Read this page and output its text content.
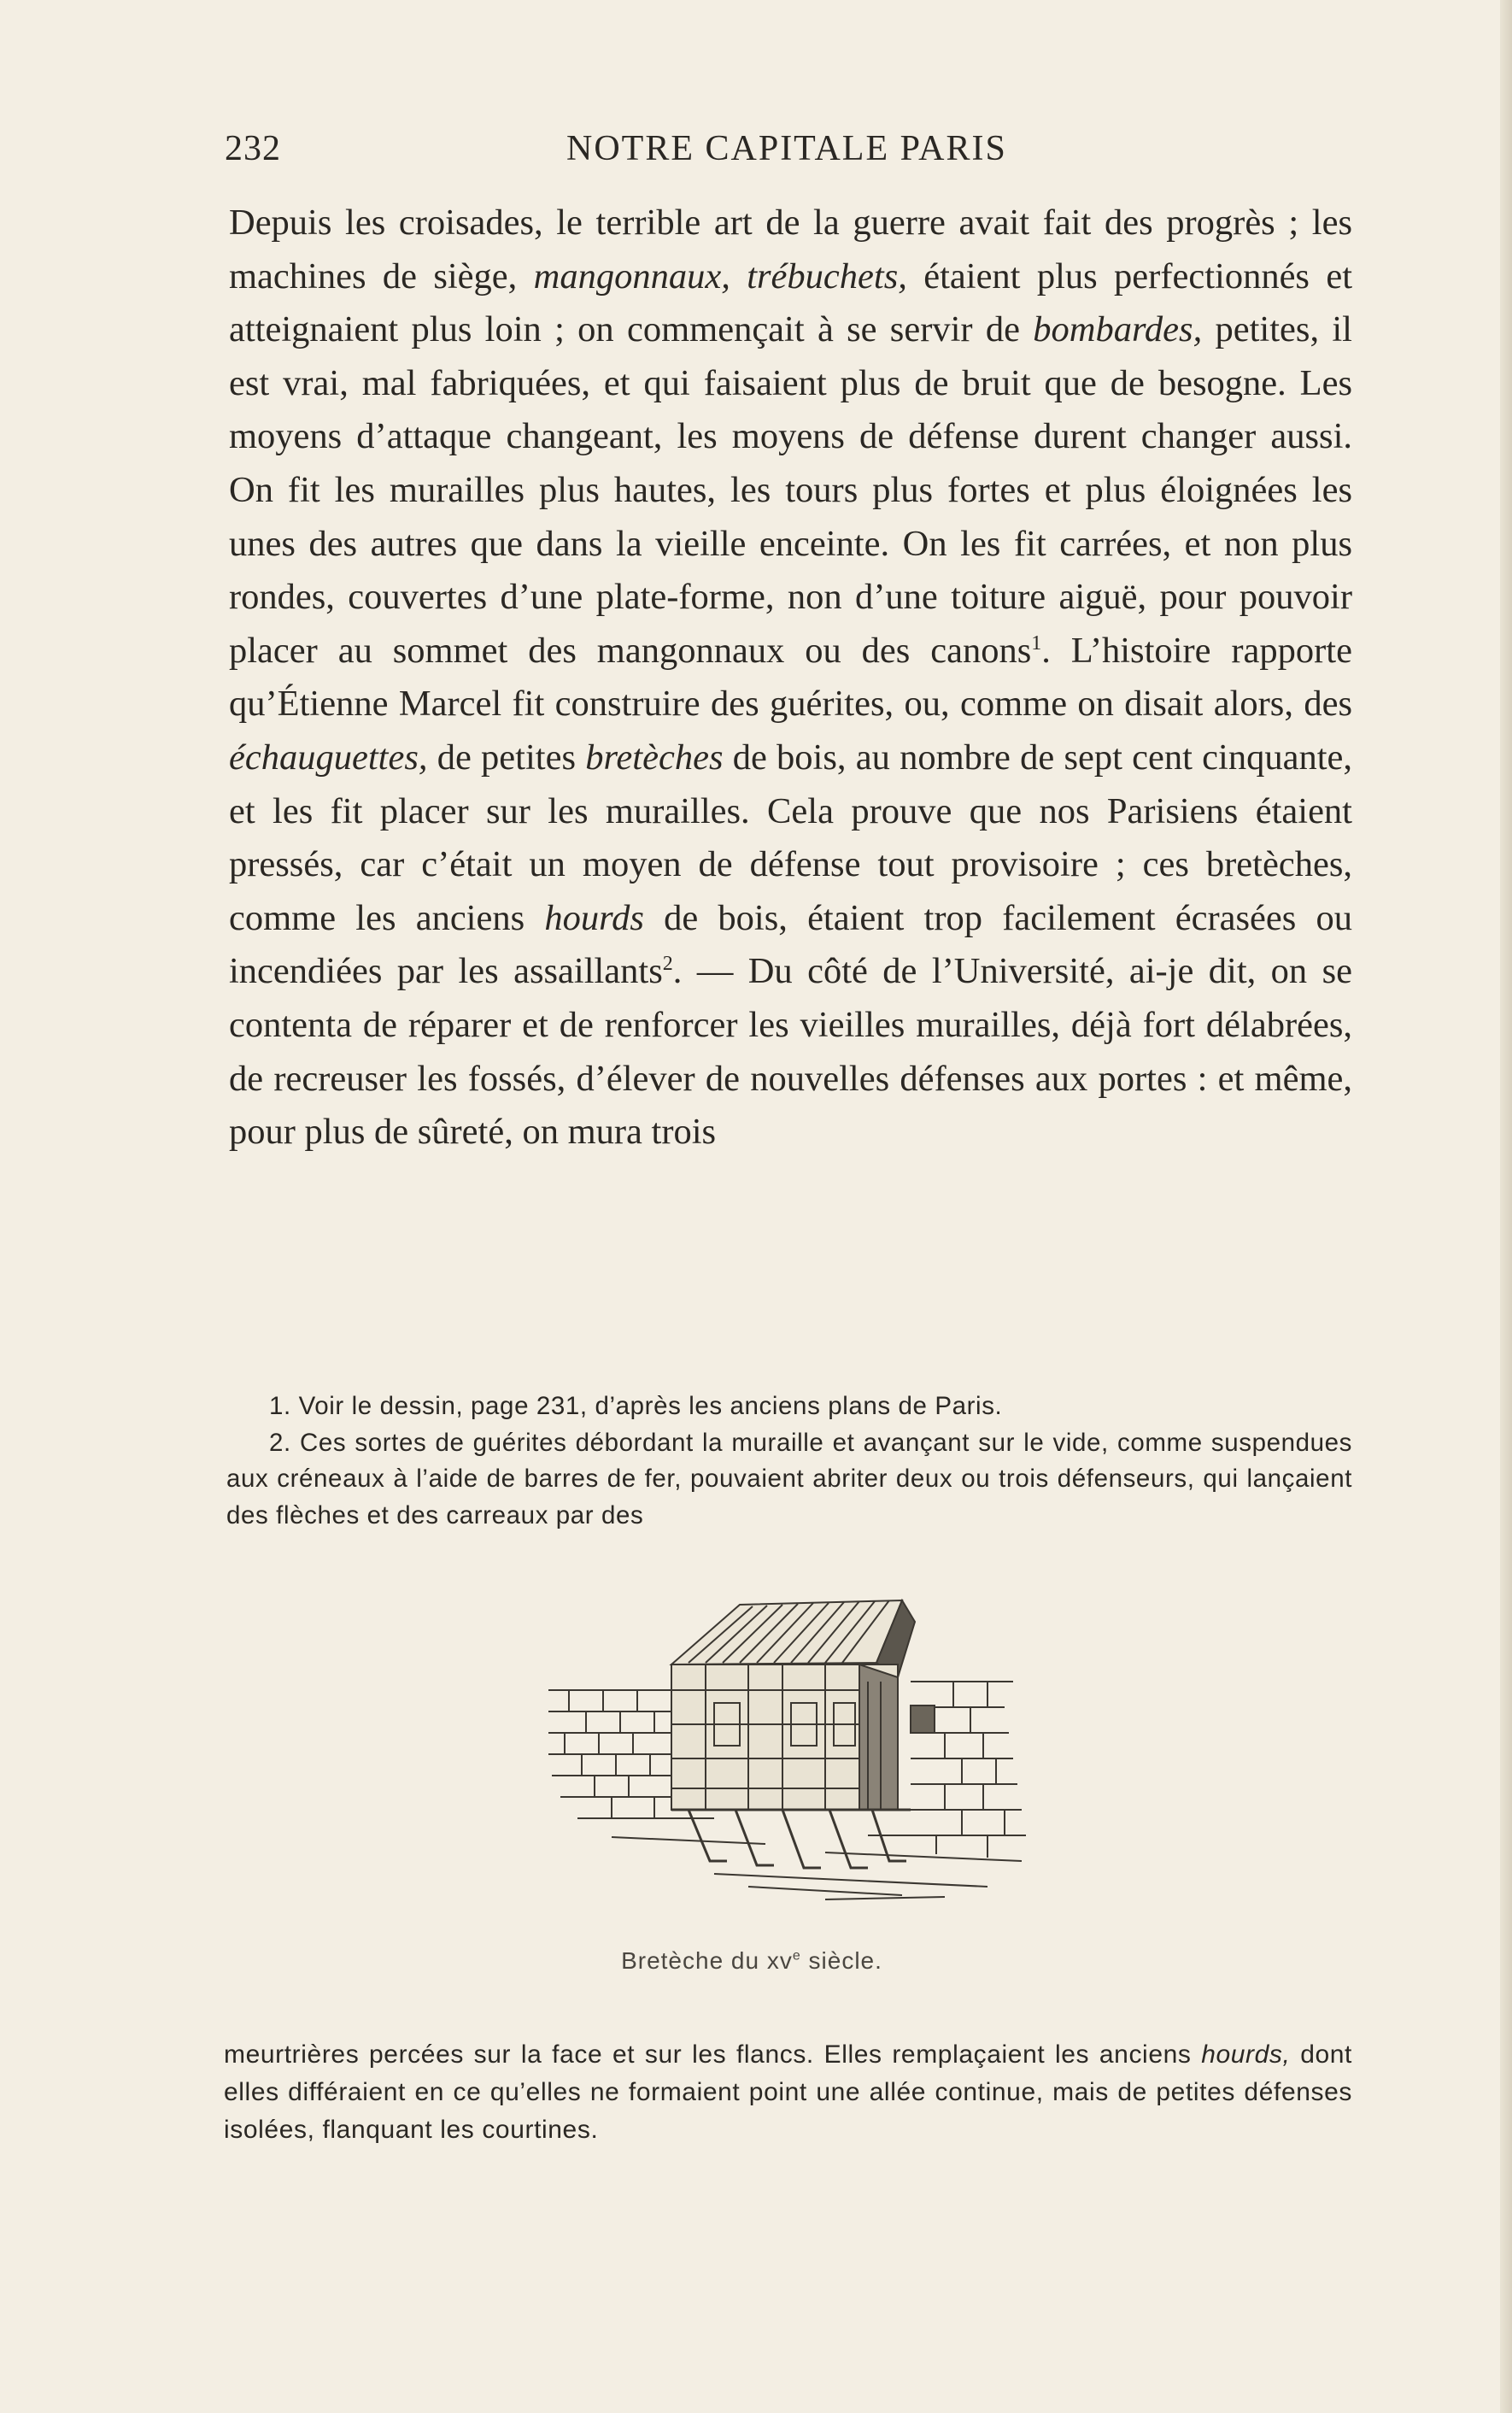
232	NOTRE CAPITALE PARIS

Depuis les croisades, le terrible art de la guerre avait fait des progrès ; les machines de siège, mangonnaux, trébuchets, étaient plus perfectionnés et atteignaient plus loin ; on commençait à se servir de bombardes, petites, il est vrai, mal fabriquées, et qui faisaient plus de bruit que de besogne. Les moyens d’attaque changeant, les moyens de défense durent changer aussi. On fit les murailles plus hautes, les tours plus fortes et plus éloignées les unes des autres que dans la vieille enceinte. On les fit carrées, et non plus rondes, couvertes d’une plate-forme, non d’une toiture aiguë, pour pouvoir placer au sommet des mangonnaux ou des canons$^1$. L’histoire rapporte qu’Étienne Marcel fit construire des guérites, ou, comme on disait alors, des échauguettes, de petites bretèches de bois, au nombre de sept cent cinquante, et les fit placer sur les murailles. Cela prouve que nos Parisiens étaient pressés, car c’était un moyen de défense tout provisoire ; ces bretèches, comme les anciens hourds de bois, étaient trop facilement écrasées ou incendiées par les assaillants$^2$. — Du côté de l’Université, ai-je dit, on se contenta de réparer et de renforcer les vieilles murailles, déjà fort délabrées, de recreuser les fossés, d’élever de nouvelles défenses aux portes : et même, pour plus de sûreté, on mura trois

1. Voir le dessin, page 231, d’après les anciens plans de Paris.

2. Ces sortes de guérites débordant la muraille et avançant sur le vide, comme suspendues aux créneaux à l’aide de barres de fer, pouvaient abriter deux ou trois défenseurs, qui lançaient des flèches et des carreaux par des

Bretèche du $xv^e$ siècle.

meurtrières percées sur la face et sur les flancs. Elles remplaçaient les anciens hourds, dont elles différaient en ce qu’elles ne formaient point une allée continue, mais de petites défenses isolées, flanquant les courtines.
